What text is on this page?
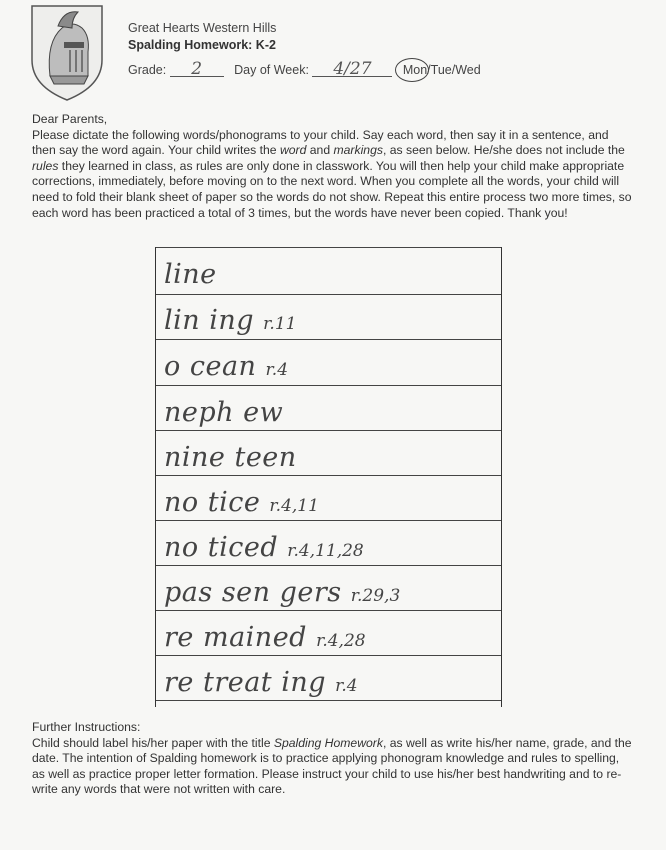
Great Hearts Western Hills
Spalding Homework: K-2
Grade: 2	Day of Week: 4/27	Mon/Tue/Wed

Dear Parents,

Please dictate the following words/phonograms to your child. Say each word, then say it in a sentence, and then say the word again. Your child writes the word and markings, as seen below. He/she does not include the rules they learned in class, as rules are only done in classwork. You will then help your child make appropriate corrections, immediately, before moving on to the next word. When you complete all the words, your child will need to fold their blank sheet of paper so the words do not show. Repeat this entire process two more times, so each word has been practiced a total of 3 times, but the words have never been copied. Thank you!

line
lin ing r.11
o cean r.4
neph ew
nine teen
no tice r.4,11
no ticed r.4,11,28
pas sen gers r.29,3
re mained r.4,28
re treat ing r.4

Further Instructions:

Child should label his/her paper with the title Spalding Homework, as well as write his/her name, grade, and the date. The intention of Spalding homework is to practice applying phonogram knowledge and rules to spelling, as well as practice proper letter formation. Please instruct your child to use his/her best handwriting and to re-write any words that were not written with care.
